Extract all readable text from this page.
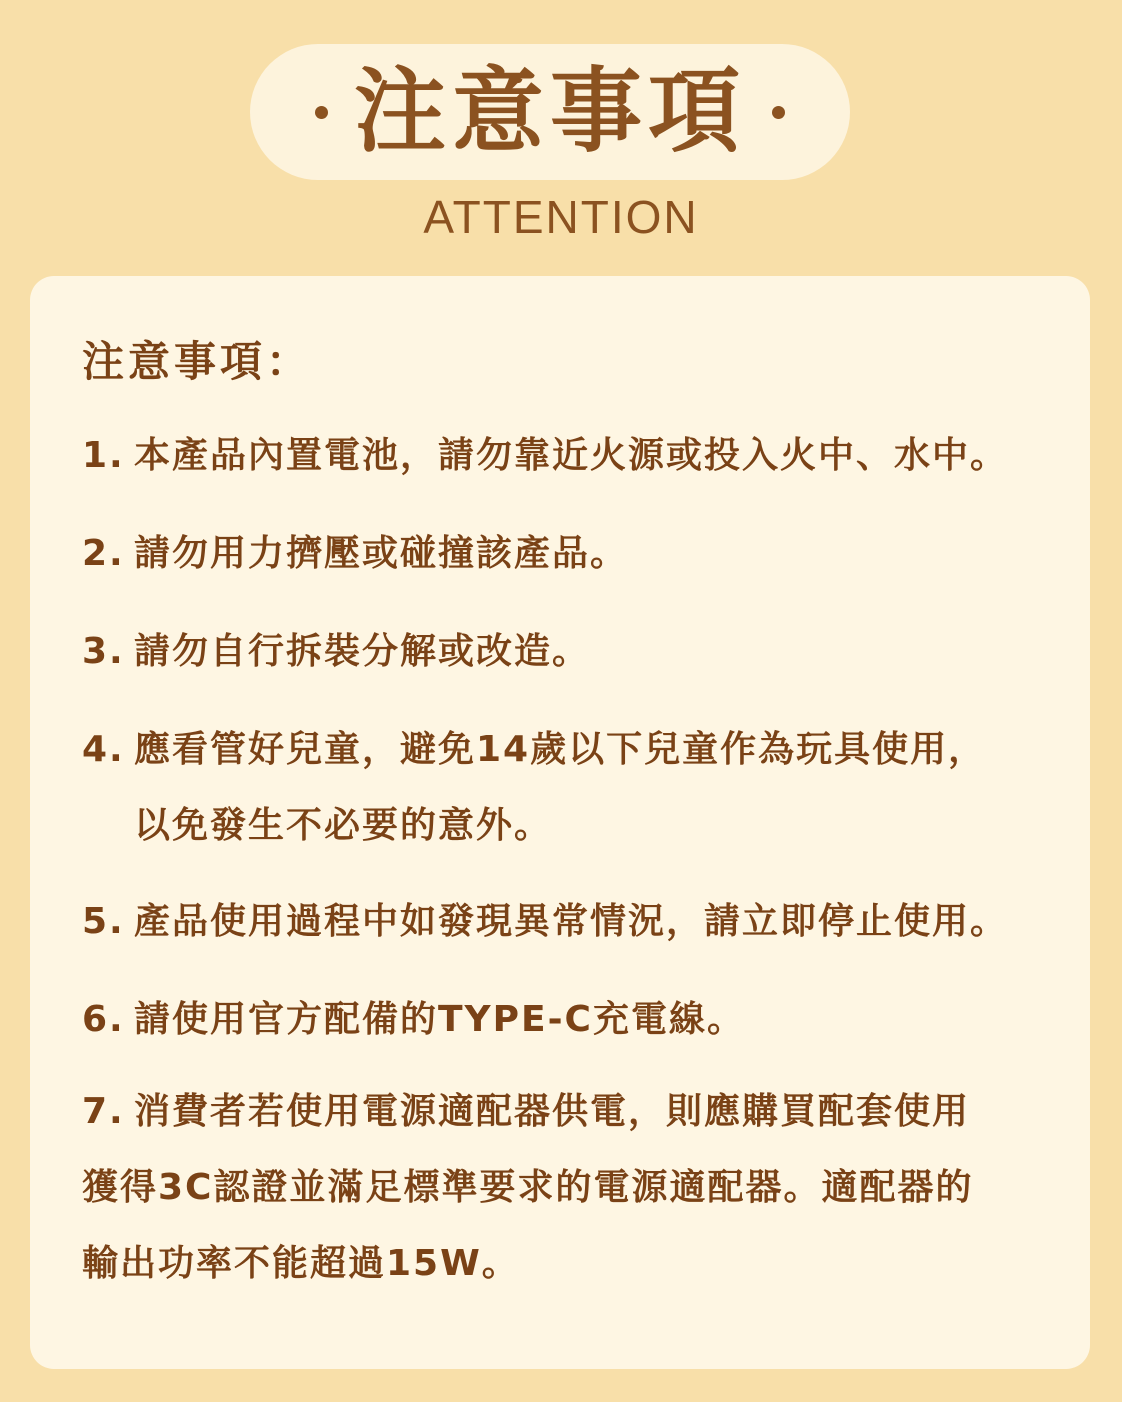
注意事項
ATTENTION
注意事項：
1. 本產品內置電池，請勿靠近火源或投入火中、水中。
2. 請勿用力擠壓或碰撞該產品。
3. 請勿自行拆裝分解或改造。
4. 應看管好兒童，避免14歲以下兒童作為玩具使用，
以免發生不必要的意外。
5. 產品使用過程中如發現異常情況，請立即停止使用。
6. 請使用官方配備的TYPE-C充電線。
7. 消費者若使用電源適配器供電，則應購買配套使用
獲得3C認證並滿足標準要求的電源適配器。適配器的
輸出功率不能超過15W。
